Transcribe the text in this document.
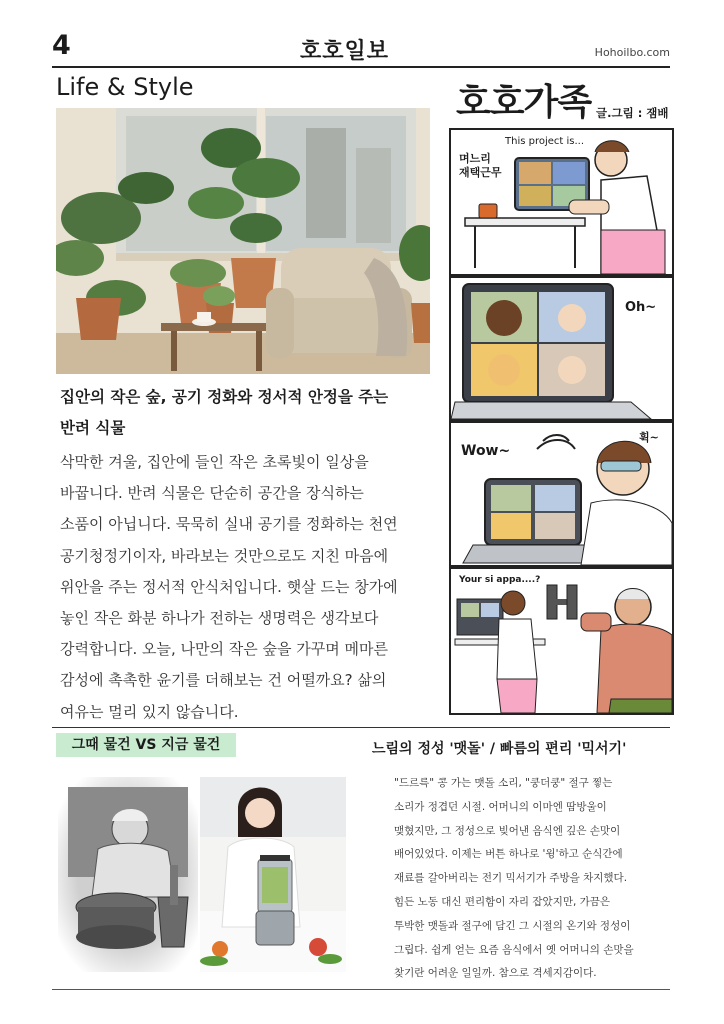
4	호호일보	Hohoilbo.com
Life & Style
집안의 작은 숲, 공기 정화와 정서적 안정을 주는
반려 식물
삭막한 겨울, 집안에 들인 작은 초록빛이 일상을
바꿉니다. 반려 식물은 단순히 공간을 장식하는
소품이 아닙니다. 묵묵히 실내 공기를 정화하는 천연
공기청정기이자, 바라보는 것만으로도 지친 마음에
위안을 주는 정서적 안식처입니다. 햇살 드는 창가에
놓인 작은 화분 하나가 전하는 생명력은 생각보다
강력합니다. 오늘, 나만의 작은 숲을 가꾸며 메마른
감성에 촉촉한 윤기를 더해보는 건 어떨까요? 삶의
여유는 멀리 있지 않습니다.
호호가족 글.그림 : 잼배
This project is...
며느리
재택근무
Oh~
Wow~
휙~
Your si appa....?
그때 물건 VS 지금 물건	느림의 정성 '맷돌' / 빠름의 편리 '믹서기'
"드르륵" 콩 가는 맷돌 소리, "쿵더쿵" 절구 찧는
소리가 정겹던 시절. 어머니의 이마엔 땀방울이
맺혔지만, 그 정성으로 빚어낸 음식엔 깊은 손맛이
배어있었다. 이제는 버튼 하나로 '윙'하고 순식간에
재료를 갈아버리는 전기 믹서기가 주방을 차지했다.
힘든 노동 대신 편리함이 자리 잡았지만, 가끔은
투박한 맷돌과 절구에 담긴 그 시절의 온기와 정성이
그립다. 쉽게 얻는 요즘 음식에서 옛 어머니의 손맛을
찾기란 어려운 일일까. 참으로 격세지감이다.
